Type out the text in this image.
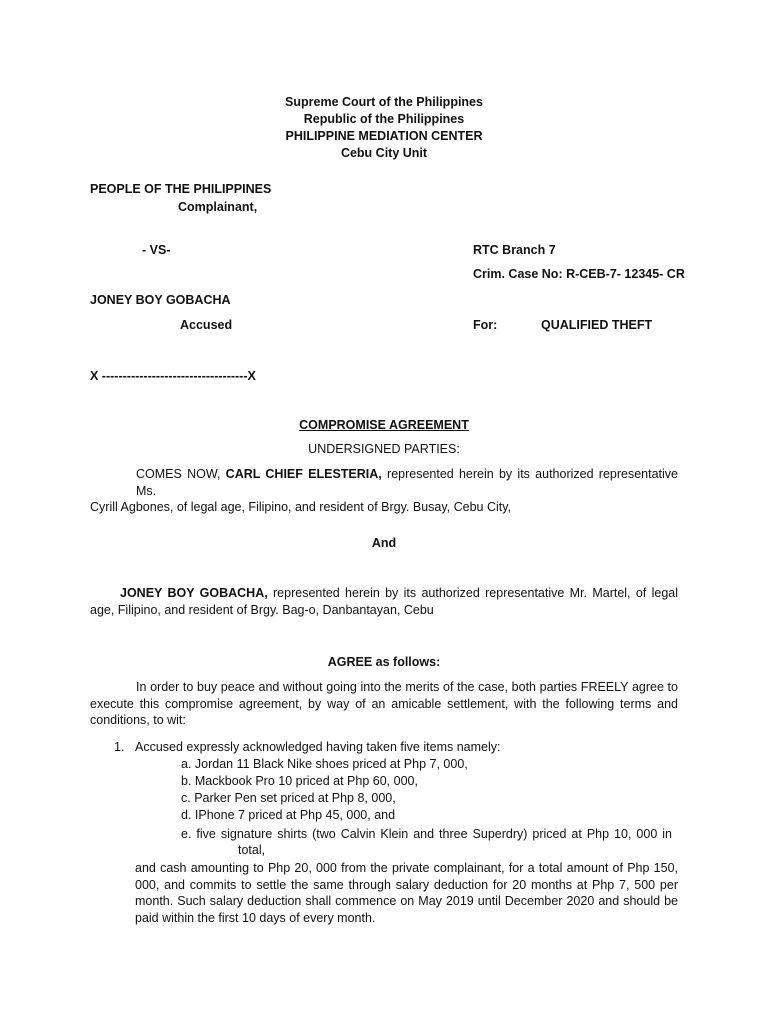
Supreme Court of the Philippines
Republic of the Philippines
PHILIPPINE MEDIATION CENTER
Cebu City Unit
PEOPLE OF THE PHILIPPINES
Complainant,
- VS-	RTC Branch 7
Crim. Case No: R-CEB-7- 12345- CR
JONEY BOY GOBACHA
Accused	For:	QUALIFIED THEFT
X -----------------------------------X
COMPROMISE AGREEMENT
UNDERSIGNED PARTIES:
COMES NOW, CARL CHIEF ELESTERIA, represented herein by its authorized representative Ms.
Cyrill Agbones, of legal age, Filipino, and resident of Brgy. Busay, Cebu City,
And
JONEY BOY GOBACHA, represented herein by its authorized representative Mr. Martel, of legal
age, Filipino, and resident of Brgy. Bag-o, Danbantayan, Cebu
AGREE as follows:
In order to buy peace and without going into the merits of the case, both parties FREELY agree to
execute this compromise agreement, by way of an amicable settlement, with the following terms and
conditions, to wit:
1. Accused expressly acknowledged having taken five items namely:
a. Jordan 11 Black Nike shoes priced at Php 7, 000,
b. Mackbook Pro 10 priced at Php 60, 000,
c. Parker Pen set priced at Php 8, 000,
d. IPhone 7 priced at Php 45, 000, and
e. five signature shirts (two Calvin Klein and three Superdry) priced at Php 10, 000 in
total,
and cash amounting to Php 20, 000 from the private complainant, for a total amount of Php 150,
000, and commits to settle the same through salary deduction for 20 months at Php 7, 500 per
month. Such salary deduction shall commence on May 2019 until December 2020 and should be
paid within the first 10 days of every month.
